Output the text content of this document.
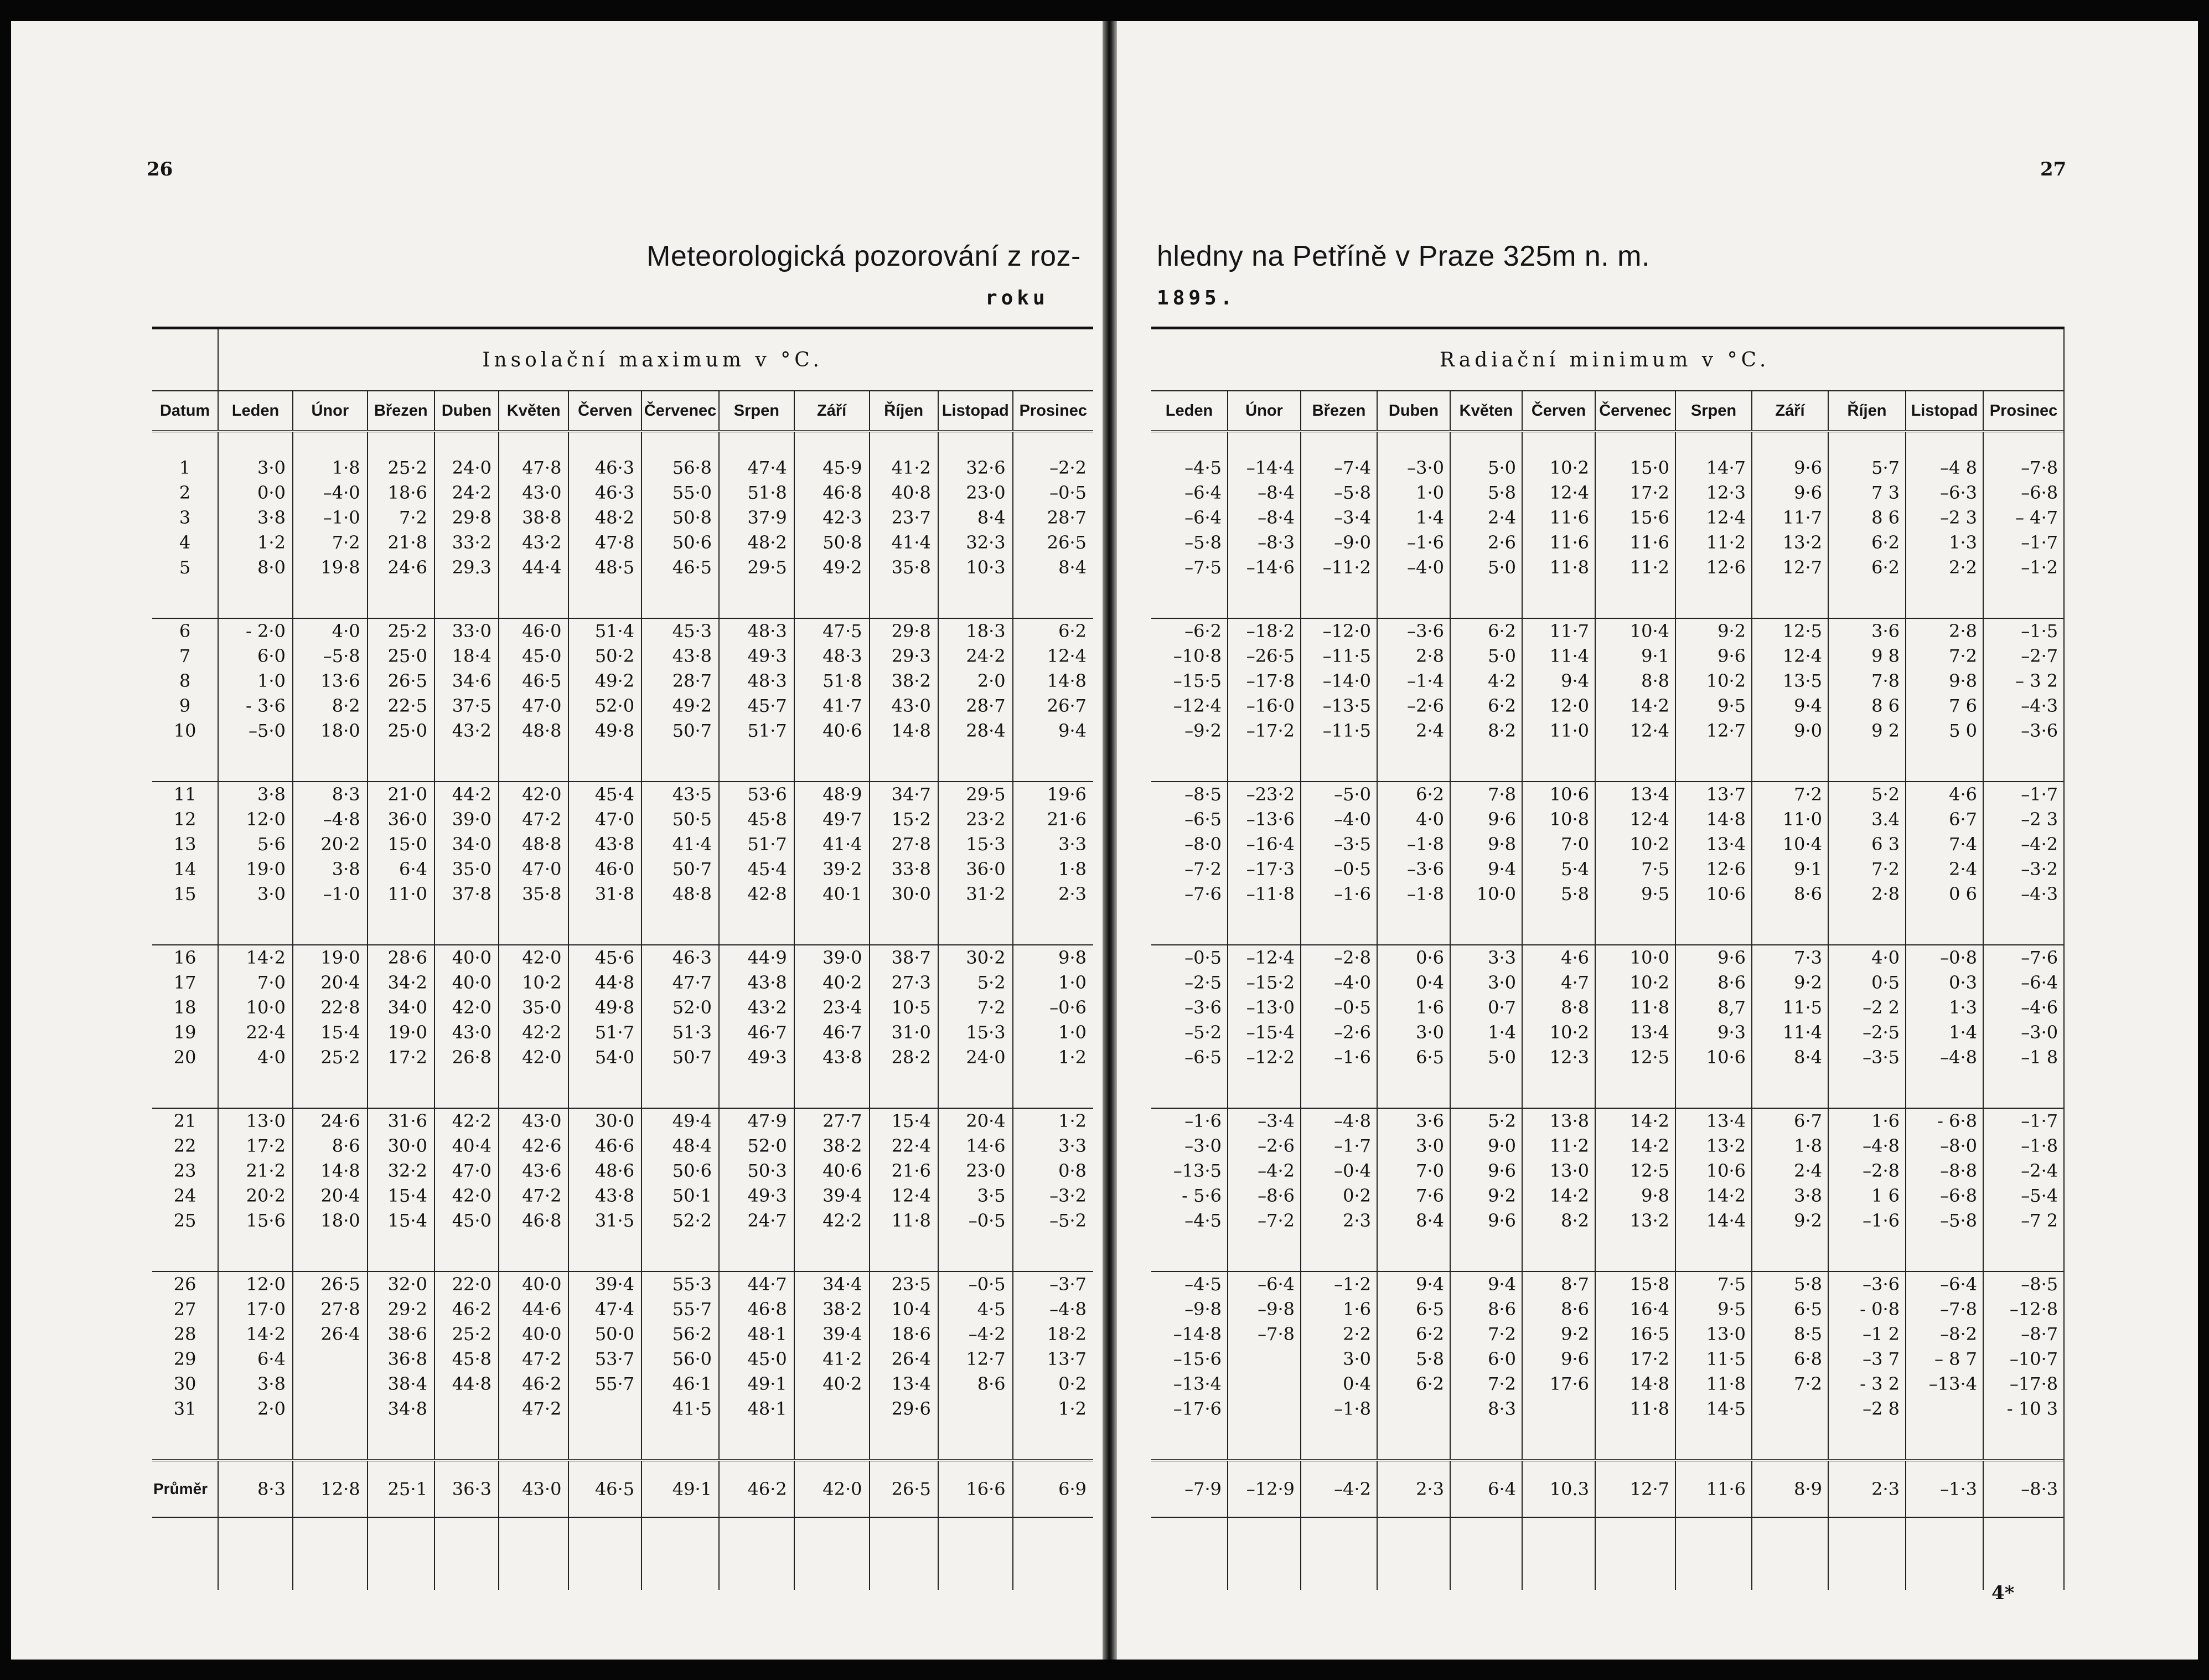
26
Meteorologická pozorování z roz-
roku
	Insolační maximum v °C.											
Datum	Leden	Únor	Březen	Duben	Květen	Červen	Červenec	Srpen	Září	Říjen	Listopad	Prosinec

1	3·0	1·8	25·2	24·0	47·8	46·3	56·8	47·4	45·9	41·2	32·6	–2·2
2	0·0	–4·0	18·6	24·2	43·0	46·3	55·0	51·8	46·8	40·8	23·0	–0·5
3	3·8	–1·0	7·2	29·8	38·8	48·2	50·8	37·9	42·3	23·7	8·4	28·7
4	1·2	7·2	21·8	33·2	43·2	47·8	50·6	48·2	50·8	41·4	32·3	26·5
5	8·0	19·8	24·6	29.3	44·4	48·5	46·5	29·5	49·2	35·8	10·3	8·4

6	- 2·0	4·0	25·2	33·0	46·0	51·4	45·3	48·3	47·5	29·8	18·3	6·2
7	6·0	–5·8	25·0	18·4	45·0	50·2	43·8	49·3	48·3	29·3	24·2	12·4
8	1·0	13·6	26·5	34·6	46·5	49·2	28·7	48·3	51·8	38·2	2·0	14·8
9	- 3·6	8·2	22·5	37·5	47·0	52·0	49·2	45·7	41·7	43·0	28·7	26·7
10	–5·0	18·0	25·0	43·2	48·8	49·8	50·7	51·7	40·6	14·8	28·4	9·4

11	3·8	8·3	21·0	44·2	42·0	45·4	43·5	53·6	48·9	34·7	29·5	19·6
12	12·0	–4·8	36·0	39·0	47·2	47·0	50·5	45·8	49·7	15·2	23·2	21·6
13	5·6	20·2	15·0	34·0	48·8	43·8	41·4	51·7	41·4	27·8	15·3	3·3
14	19·0	3·8	6·4	35·0	47·0	46·0	50·7	45·4	39·2	33·8	36·0	1·8
15	3·0	–1·0	11·0	37·8	35·8	31·8	48·8	42·8	40·1	30·0	31·2	2·3

16	14·2	19·0	28·6	40·0	42·0	45·6	46·3	44·9	39·0	38·7	30·2	9·8
17	7·0	20·4	34·2	40·0	10·2	44·8	47·7	43·8	40·2	27·3	5·2	1·0
18	10·0	22·8	34·0	42·0	35·0	49·8	52·0	43·2	23·4	10·5	7·2	–0·6
19	22·4	15·4	19·0	43·0	42·2	51·7	51·3	46·7	46·7	31·0	15·3	1·0
20	4·0	25·2	17·2	26·8	42·0	54·0	50·7	49·3	43·8	28·2	24·0	1·2

21	13·0	24·6	31·6	42·2	43·0	30·0	49·4	47·9	27·7	15·4	20·4	1·2
22	17·2	8·6	30·0	40·4	42·6	46·6	48·4	52·0	38·2	22·4	14·6	3·3
23	21·2	14·8	32·2	47·0	43·6	48·6	50·6	50·3	40·6	21·6	23·0	0·8
24	20·2	20·4	15·4	42·0	47·2	43·8	50·1	49·3	39·4	12·4	3·5	–3·2
25	15·6	18·0	15·4	45·0	46·8	31·5	52·2	24·7	42·2	11·8	–0·5	–5·2

26	12·0	26·5	32·0	22·0	40·0	39·4	55·3	44·7	34·4	23·5	–0·5	–3·7
27	17·0	27·8	29·2	46·2	44·6	47·4	55·7	46·8	38·2	10·4	4·5	–4·8
28	14·2	26·4	38·6	25·2	40·0	50·0	56·2	48·1	39·4	18·6	–4·2	18·2
29	6·4		36·8	45·8	47·2	53·7	56·0	45·0	41·2	26·4	12·7	13·7
30	3·8		38·4	44·8	46·2	55·7	46·1	49·1	40·2	13·4	8·6	0·2
31	2·0		34·8		47·2		41·5	48·1		29·6		1·2

Průměr	8·3	12·8	25·1	36·3	43·0	46·5	49·1	46·2	42·0	26·5	16·6	6·9

27
hledny na Petříně v Praze 325m n. m.
1895.
Radiační minimum v °C.											
Leden	Únor	Březen	Duben	Květen	Červen	Červenec	Srpen	Září	Říjen	Listopad	Prosinec

–4·5	–14·4	–7·4	–3·0	5·0	10·2	15·0	14·7	9·6	5·7	–4 8	–7·8
–6·4	–8·4	–5·8	1·0	5·8	12·4	17·2	12·3	9·6	7 3	–6·3	–6·8
–6·4	–8·4	–3·4	1·4	2·4	11·6	15·6	12·4	11·7	8 6	–2 3	– 4·7
–5·8	–8·3	–9·0	–1·6	2·6	11·6	11·6	11·2	13·2	6·2	1·3	–1·7
–7·5	–14·6	–11·2	–4·0	5·0	11·8	11·2	12·6	12·7	6·2	2·2	–1·2

–6·2	–18·2	–12·0	–3·6	6·2	11·7	10·4	9·2	12·5	3·6	2·8	–1·5
–10·8	–26·5	–11·5	2·8	5·0	11·4	9·1	9·6	12·4	9 8	7·2	–2·7
–15·5	–17·8	–14·0	–1·4	4·2	9·4	8·8	10·2	13·5	7·8	9·8	– 3 2
–12·4	–16·0	–13·5	–2·6	6·2	12·0	14·2	9·5	9·4	8 6	7 6	–4·3
–9·2	–17·2	–11·5	2·4	8·2	11·0	12·4	12·7	9·0	9 2	5 0	–3·6

–8·5	–23·2	–5·0	6·2	7·8	10·6	13·4	13·7	7·2	5·2	4·6	–1·7
–6·5	–13·6	–4·0	4·0	9·6	10·8	12·4	14·8	11·0	3.4	6·7	–2 3
–8·0	–16·4	–3·5	–1·8	9·8	7·0	10·2	13·4	10·4	6 3	7·4	–4·2
–7·2	–17·3	–0·5	–3·6	9·4	5·4	7·5	12·6	9·1	7·2	2·4	–3·2
–7·6	–11·8	–1·6	–1·8	10·0	5·8	9·5	10·6	8·6	2·8	0 6	–4·3

–0·5	–12·4	–2·8	0·6	3·3	4·6	10·0	9·6	7·3	4·0	–0·8	–7·6
–2·5	–15·2	–4·0	0·4	3·0	4·7	10·2	8·6	9·2	0·5	0·3	–6·4
–3·6	–13·0	–0·5	1·6	0·7	8·8	11·8	8,7	11·5	–2 2	1·3	–4·6
–5·2	–15·4	–2·6	3·0	1·4	10·2	13·4	9·3	11·4	–2·5	1·4	–3·0
–6·5	–12·2	–1·6	6·5	5·0	12·3	12·5	10·6	8·4	–3·5	–4·8	–1 8

–1·6	–3·4	–4·8	3·6	5·2	13·8	14·2	13·4	6·7	1·6	- 6·8	–1·7
–3·0	–2·6	–1·7	3·0	9·0	11·2	14·2	13·2	1·8	–4·8	–8·0	–1·8
–13·5	–4·2	–0·4	7·0	9·6	13·0	12·5	10·6	2·4	–2·8	–8·8	–2·4
- 5·6	–8·6	0·2	7·6	9·2	14·2	9·8	14·2	3·8	1 6	–6·8	–5·4
–4·5	–7·2	2·3	8·4	9·6	8·2	13·2	14·4	9·2	–1·6	–5·8	–7 2

–4·5	–6·4	–1·2	9·4	9·4	8·7	15·8	7·5	5·8	–3·6	–6·4	–8·5
–9·8	–9·8	1·6	6·5	8·6	8·6	16·4	9·5	6·5	- 0·8	–7·8	–12·8
–14·8	–7·8	2·2	6·2	7·2	9·2	16·5	13·0	8·5	–1 2	–8·2	–8·7
–15·6		3·0	5·8	6·0	9·6	17·2	11·5	6·8	–3 7	– 8 7	–10·7
–13·4		0·4	6·2	7·2	17·6	14·8	11·8	7·2	- 3 2	–13·4	–17·8
–17·6		–1·8		8·3		11·8	14·5		–2 8		- 10 3

–7·9	–12·9	–4·2	2·3	6·4	10.3	12·7	11·6	8·9	2·3	–1·3	–8·3

4*
